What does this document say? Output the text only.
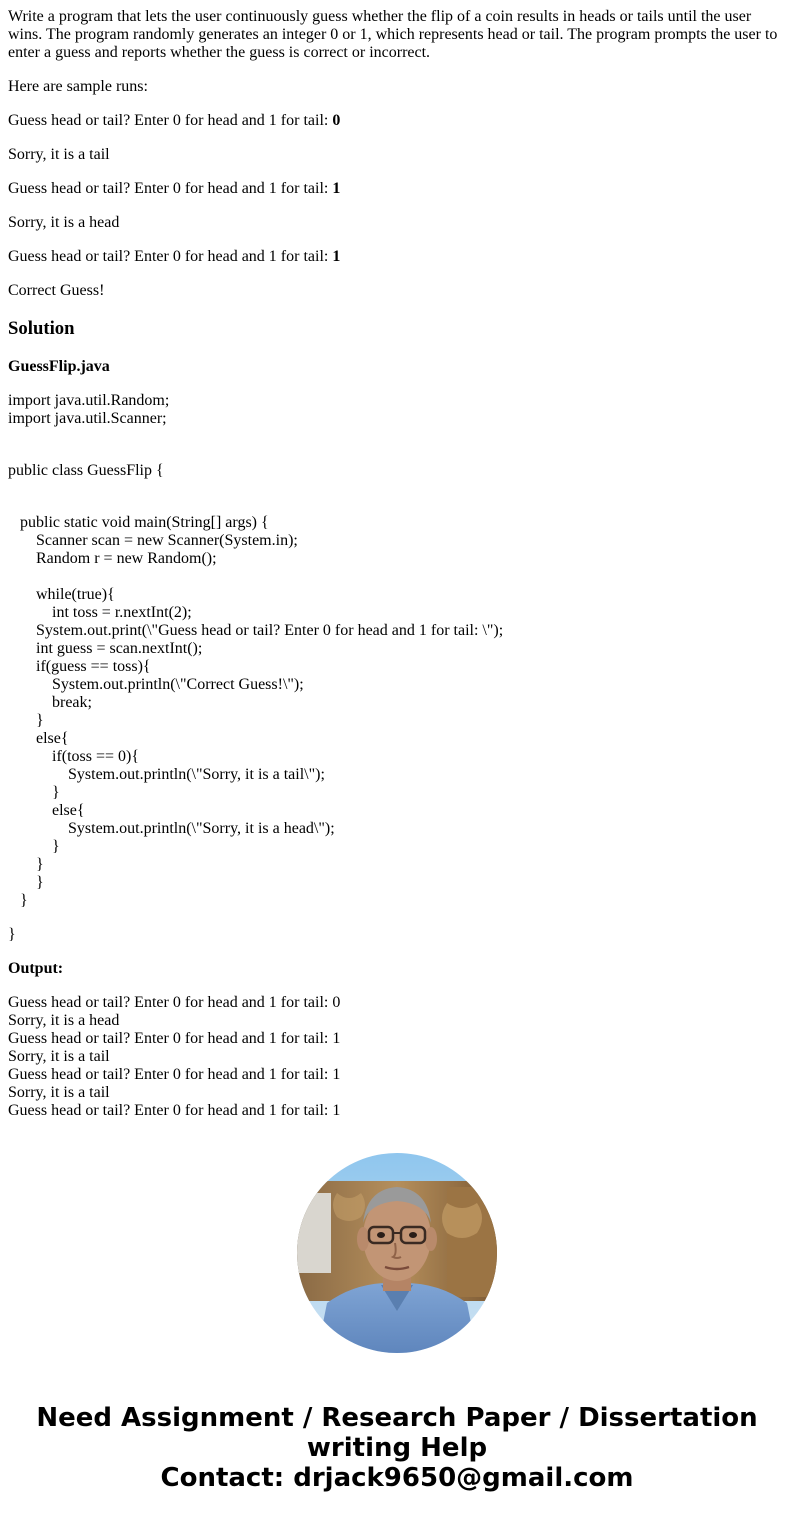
Write a program that lets the user continuously guess whether the flip of a coin results in heads or tails until the user wins. The program randomly generates an integer 0 or 1, which represents head or tail. The program prompts the user to enter a guess and reports whether the guess is correct or incorrect.

Here are sample runs:

Guess head or tail? Enter 0 for head and 1 for tail: 0

Sorry, it is a tail

Guess head or tail? Enter 0 for head and 1 for tail: 1

Sorry, it is a head

Guess head or tail? Enter 0 for head and 1 for tail: 1

Correct Guess!

Solution
GuessFlip.java
import java.util.Random;
import java.util.Scanner;
public class GuessFlip {
public static void main(String[] args) {
Scanner scan = new Scanner(System.in);
Random r = new Random();

while(true){
int toss = r.nextInt(2);
System.out.print(\"Guess head or tail? Enter 0 for head and 1 for tail: \");
int guess = scan.nextInt();
if(guess == toss){
System.out.println(\"Correct Guess!\");
break;
}
else{
if(toss == 0){
System.out.println(\"Sorry, it is a tail\");
}
else{
System.out.println(\"Sorry, it is a head\");
}
}
}
}
}

Output:

Guess head or tail? Enter 0 for head and 1 for tail: 0
Sorry, it is a head
Guess head or tail? Enter 0 for head and 1 for tail: 1
Sorry, it is a tail
Guess head or tail? Enter 0 for head and 1 for tail: 1
Sorry, it is a tail
Guess head or tail? Enter 0 for head and 1 for tail: 1
Need Assignment / Research Paper / Dissertation
writing Help
Contact: drjack9650@gmail.com
